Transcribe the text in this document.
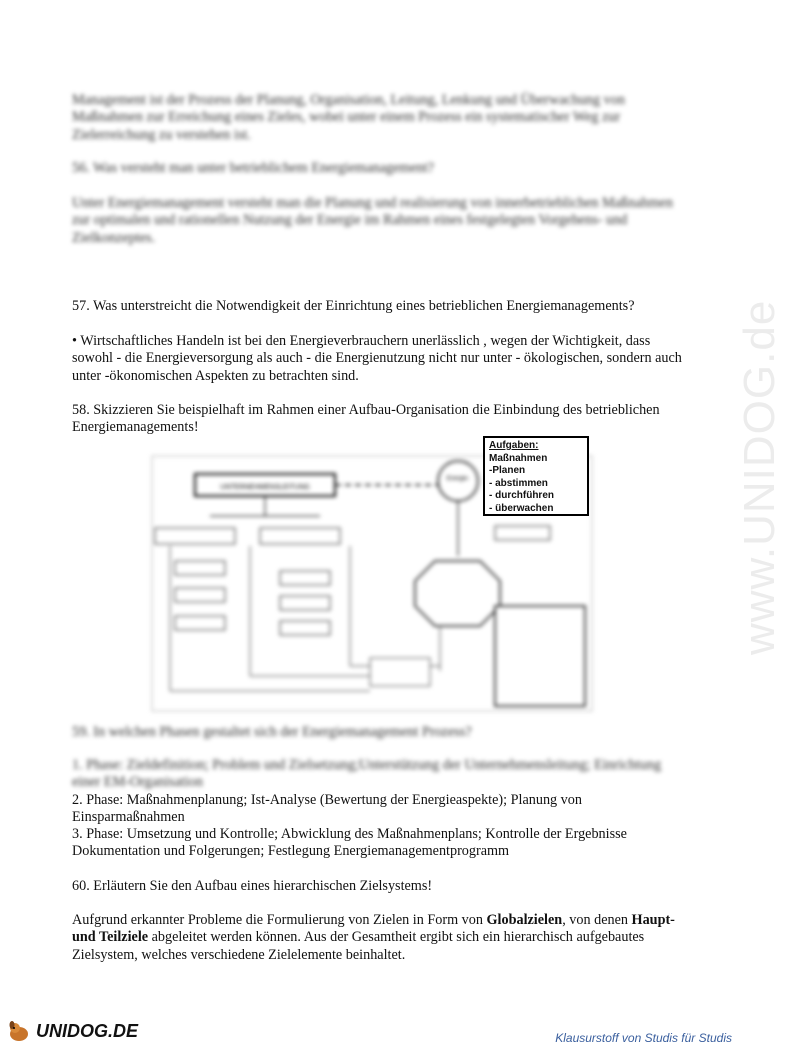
www.UNIDOG.de

Management ist der Prozess der Planung, Organisation, Leitung, Lenkung und Überwachung von Maßnahmen zur Erreichung eines Zieles, wobei unter einem Prozess ein systematischer Weg zur Zielerreichung zu verstehen ist.

56. Was versteht man unter betrieblichem Energiemanagement?

Unter Energiemanagement versteht man die Planung und realisierung von innerbetrieblichen Maßnahmen zur optimalen und rationellen Nutzung der Energie im Rahmen eines festgelegten Vorgehens- und Zielkonzeptes.

57. Was unterstreicht die Notwendigkeit der Einrichtung eines betrieblichen Energiemanagements?

• Wirtschaftliches Handeln ist bei den Energieverbrauchern unerlässlich , wegen der Wichtigkeit, dass sowohl - die Energieversorgung als auch - die Energienutzung nicht nur unter - ökologischen, sondern auch unter -ökonomischen Aspekten zu betrachten sind.

58. Skizzieren Sie beispielhaft im Rahmen einer Aufbau-Organisation die Einbindung des betrieblichen Energiemanagements!

UNTERNEHMENSLEITUNG
Energie-
Aufgaben:
Maßnahmen
-Planen
- abstimmen
- durchführen
- überwachen

59. In welchen Phasen gestaltet sich der Energiemanagement Prozess?

1. Phase: Zieldefinition; Problem und Zielsetzung;Unterstützung der Unternehmensleitung; Einrichtung einer EM-Organisation

2. Phase: Maßnahmenplanung; Ist-Analyse (Bewertung der Energieaspekte); Planung von Einsparmaßnahmen

3. Phase: Umsetzung und Kontrolle; Abwicklung des Maßnahmenplans; Kontrolle der Ergebnisse Dokumentation und Folgerungen; Festlegung Energiemanagementprogramm

60. Erläutern Sie den Aufbau eines hierarchischen Zielsystems!

Aufgrund erkannter Probleme die Formulierung von Zielen in Form von Globalzielen, von denen Haupt- und Teilziele abgeleitet werden können. Aus der Gesamtheit ergibt sich ein hierarchisch aufgebautes Zielsystem, welches verschiedene Zielelemente beinhaltet.

UNIDOG.DE	Klausurstoff von Studis für Studis
